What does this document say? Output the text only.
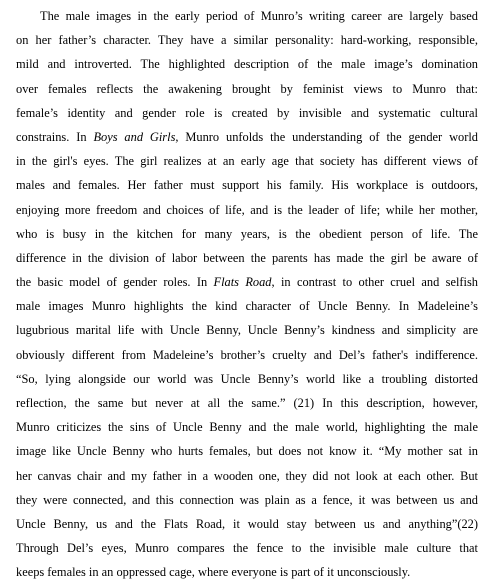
The male images in the early period of Munro’s writing career are largely based
on her father’s character. They have a similar personality: hard-working, responsible,
mild and introverted. The highlighted description of the male image’s domination
over females reflects the awakening brought by feminist views to Munro that:
female’s identity and gender role is created by invisible and systematic cultural
constrains. In Boys and Girls, Munro unfolds the understanding of the gender world
in the girl's eyes. The girl realizes at an early age that society has different views of
males and females. Her father must support his family. His workplace is outdoors,
enjoying more freedom and choices of life, and is the leader of life; while her mother,
who is busy in the kitchen for many years, is the obedient person of life. The
difference in the division of labor between the parents has made the girl be aware of
the basic model of gender roles. In Flats Road, in contrast to other cruel and selfish
male images Munro highlights the kind character of Uncle Benny. In Madeleine’s
lugubrious marital life with Uncle Benny, Uncle Benny’s kindness and simplicity are
obviously different from Madeleine’s brother’s cruelty and Del’s father's indifference.
“So, lying alongside our world was Uncle Benny’s world like a troubling distorted
reflection, the same but never at all the same.” (21) In this description, however,
Munro criticizes the sins of Uncle Benny and the male world, highlighting the male
image like Uncle Benny who hurts females, but does not know it. “My mother sat in
her canvas chair and my father in a wooden one, they did not look at each other. But
they were connected, and this connection was plain as a fence, it was between us and
Uncle Benny, us and the Flats Road, it would stay between us and anything”(22)
Through Del’s eyes, Munro compares the fence to the invisible male culture that
keeps females in an oppressed cage, where everyone is part of it unconsciously.
